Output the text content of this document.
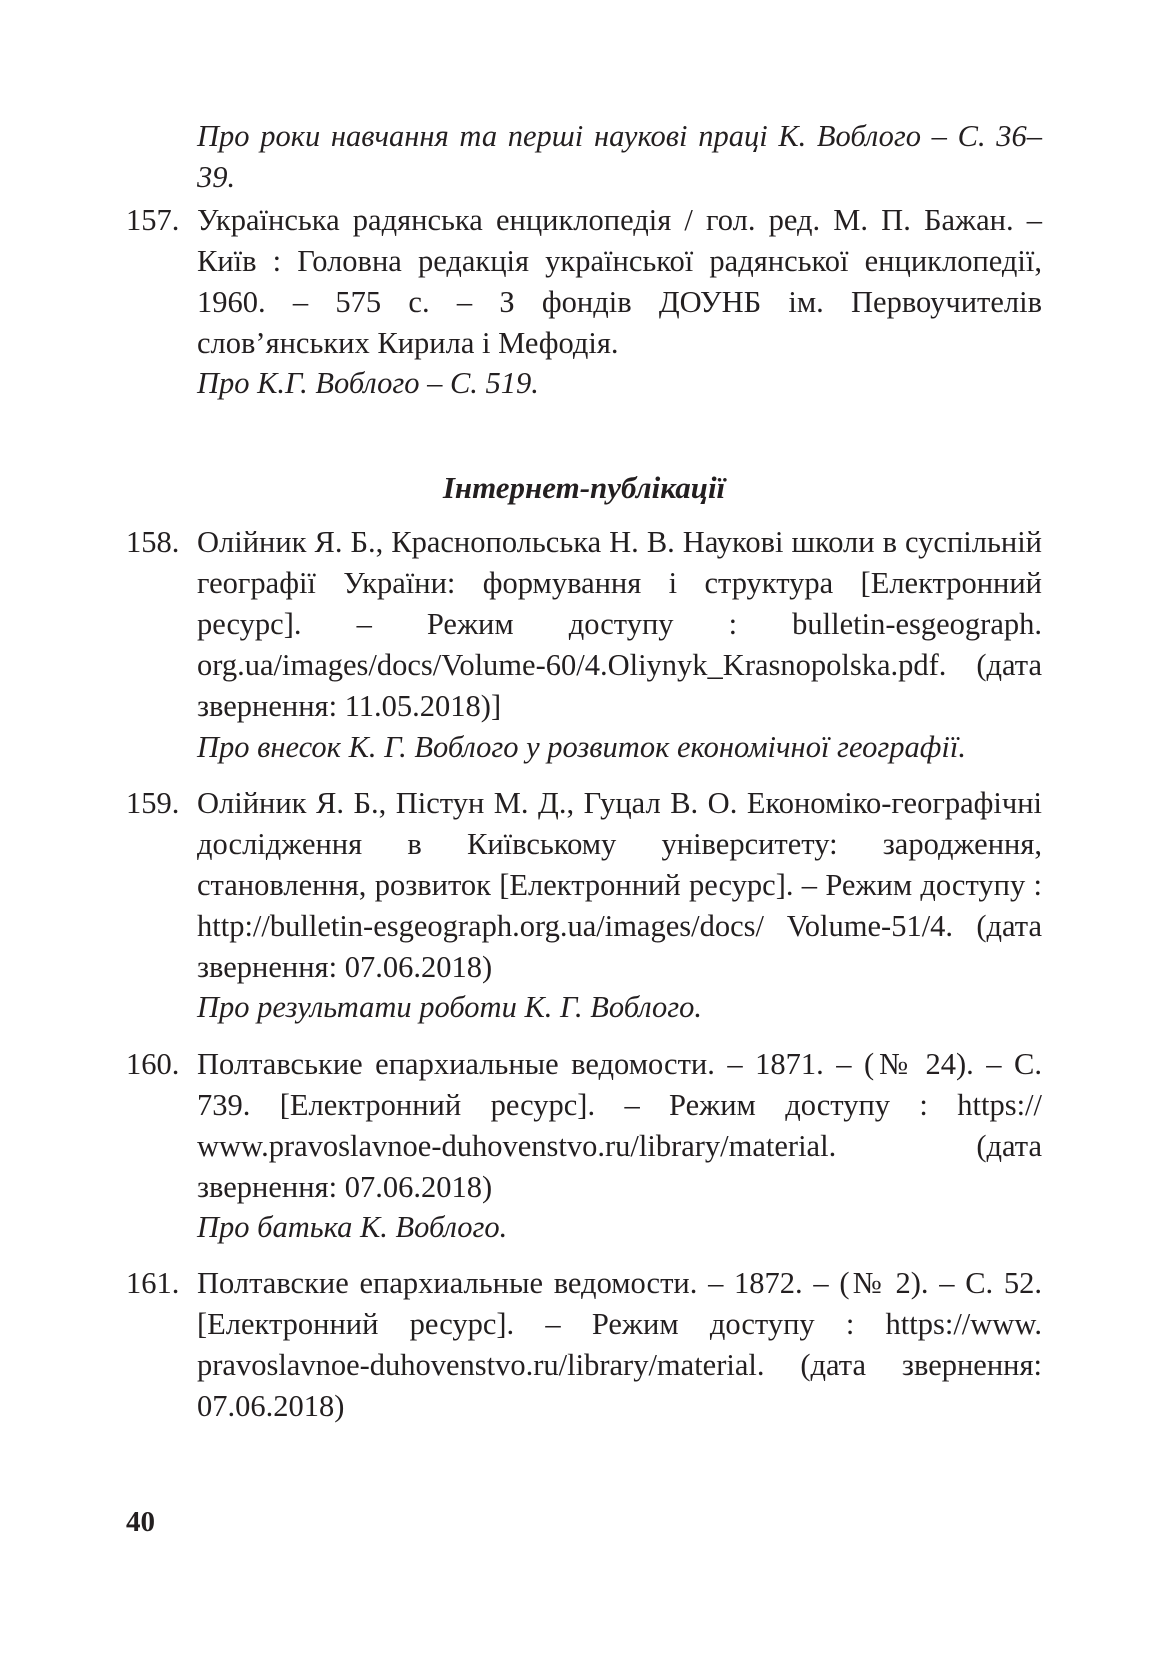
Про роки навчання та перші наукові праці К. Воблого – С. 36–39.
157. Українська радянська енциклопедія / гол. ред. М. П. Бажан. – Київ : Головна редакція української радянської енциклопедії, 1960. – 575 с. – З фондів ДОУНБ ім. Первоучителів слов’янських Кирила і Мефодія.
Про К.Г. Воблого – С. 519.
Інтернет-публікації
158. Олійник Я. Б., Краснопольська Н. В. Наукові школи в суспільній географії України: формування і структура [Електронний ресурс]. – Режим доступу : bulletin-esgeograph. org.ua/images/docs/Volume-60/4.Oliynyk_Krasnopolska.pdf. (дата звернення: 11.05.2018)]
Про внесок К. Г. Воблого у розвиток економічної географії.
159. Олійник Я. Б., Пістун М. Д., Гуцал В. О. Економіко-географічні дослідження в Київському університету: зародження, становлення, розвиток [Електронний ресурс]. – Режим доступу : http://bulletin-esgeograph.org.ua/images/docs/ Volume-51/4. (дата звернення: 07.06.2018)
Про результати роботи К. Г. Воблого.
160. Полтавськие епархиальные ведомости. – 1871. – (№ 24). – С. 739. [Електронний ресурс]. – Режим доступу : https:// www.pravoslavnoe-duhovenstvo.ru/library/material. (дата звернення: 07.06.2018)
Про батька К. Воблого.
161. Полтавские епархиальные ведомости. – 1872. – (№ 2). – С. 52. [Електронний ресурс]. – Режим доступу : https://www. pravoslavnoe-duhovenstvo.ru/library/material. (дата звернення: 07.06.2018)
40
